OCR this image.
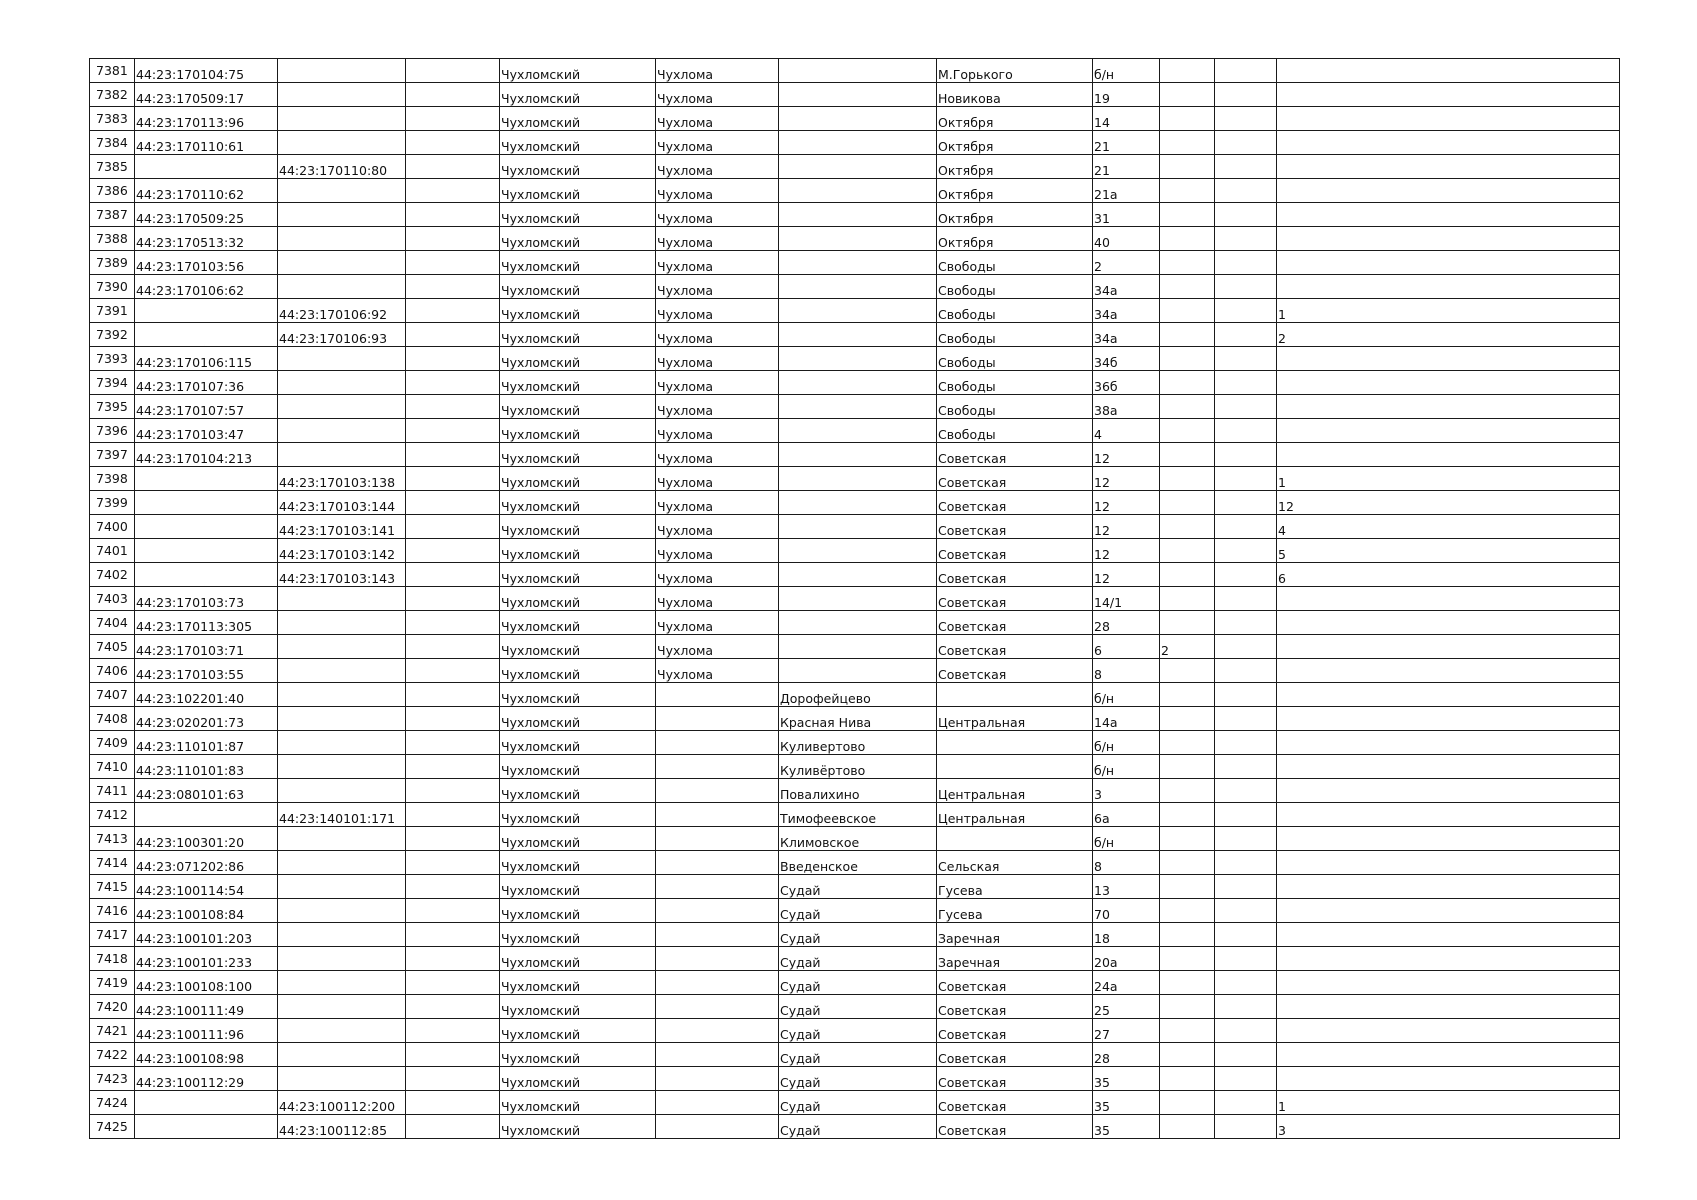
7381	44:23:170104:75			Чухломский	Чухлома		М.Горького	б/н			
7382	44:23:170509:17			Чухломский	Чухлома		Новикова	19			
7383	44:23:170113:96			Чухломский	Чухлома		Октября	14			
7384	44:23:170110:61			Чухломский	Чухлома		Октября	21			
7385		44:23:170110:80		Чухломский	Чухлома		Октября	21			
7386	44:23:170110:62			Чухломский	Чухлома		Октября	21а			
7387	44:23:170509:25			Чухломский	Чухлома		Октября	31			
7388	44:23:170513:32			Чухломский	Чухлома		Октября	40			
7389	44:23:170103:56			Чухломский	Чухлома		Свободы	2			
7390	44:23:170106:62			Чухломский	Чухлома		Свободы	34а			
7391		44:23:170106:92		Чухломский	Чухлома		Свободы	34а			1
7392		44:23:170106:93		Чухломский	Чухлома		Свободы	34а			2
7393	44:23:170106:115			Чухломский	Чухлома		Свободы	34б			
7394	44:23:170107:36			Чухломский	Чухлома		Свободы	36б			
7395	44:23:170107:57			Чухломский	Чухлома		Свободы	38а			
7396	44:23:170103:47			Чухломский	Чухлома		Свободы	4			
7397	44:23:170104:213			Чухломский	Чухлома		Советская	12			
7398		44:23:170103:138		Чухломский	Чухлома		Советская	12			1
7399		44:23:170103:144		Чухломский	Чухлома		Советская	12			12
7400		44:23:170103:141		Чухломский	Чухлома		Советская	12			4
7401		44:23:170103:142		Чухломский	Чухлома		Советская	12			5
7402		44:23:170103:143		Чухломский	Чухлома		Советская	12			6
7403	44:23:170103:73			Чухломский	Чухлома		Советская	14/1			
7404	44:23:170113:305			Чухломский	Чухлома		Советская	28			
7405	44:23:170103:71			Чухломский	Чухлома		Советская	6	2		
7406	44:23:170103:55			Чухломский	Чухлома		Советская	8			
7407	44:23:102201:40			Чухломский		Дорофейцево		б/н			
7408	44:23:020201:73			Чухломский		Красная Нива	Центральная	14а			
7409	44:23:110101:87			Чухломский		Куливертово		б/н			
7410	44:23:110101:83			Чухломский		Куливёртово		б/н			
7411	44:23:080101:63			Чухломский		Повалихино	Центральная	3			
7412		44:23:140101:171		Чухломский		Тимофеевское	Центральная	6а			
7413	44:23:100301:20			Чухломский		Климовское		б/н			
7414	44:23:071202:86			Чухломский		Введенское	Сельская	8			
7415	44:23:100114:54			Чухломский		Судай	Гусева	13			
7416	44:23:100108:84			Чухломский		Судай	Гусева	70			
7417	44:23:100101:203			Чухломский		Судай	Заречная	18			
7418	44:23:100101:233			Чухломский		Судай	Заречная	20а			
7419	44:23:100108:100			Чухломский		Судай	Советская	24а			
7420	44:23:100111:49			Чухломский		Судай	Советская	25			
7421	44:23:100111:96			Чухломский		Судай	Советская	27			
7422	44:23:100108:98			Чухломский		Судай	Советская	28			
7423	44:23:100112:29			Чухломский		Судай	Советская	35			
7424		44:23:100112:200		Чухломский		Судай	Советская	35			1
7425		44:23:100112:85		Чухломский		Судай	Советская	35			3
